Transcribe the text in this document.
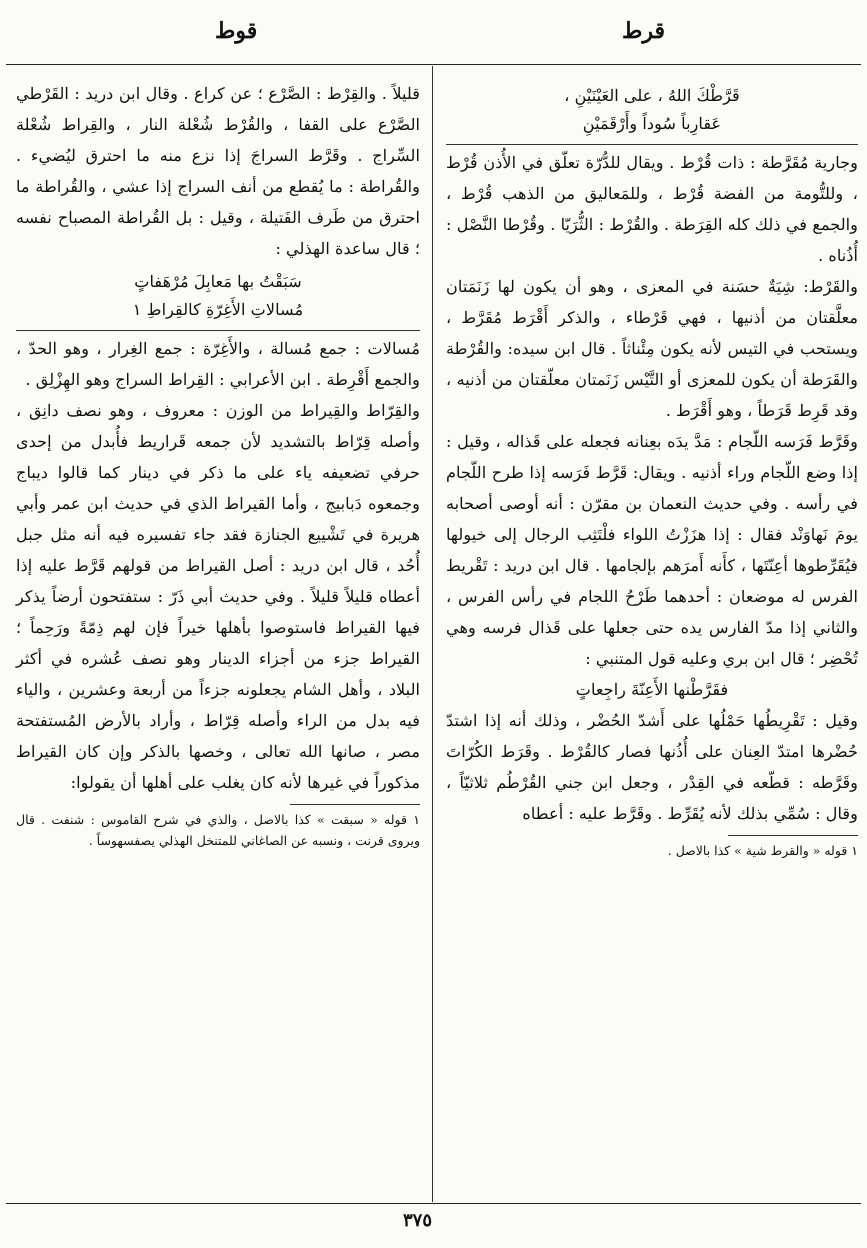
قوط	قرط
قَرَّطْكَ اللهُ ، على العَيْنَيْنِ ،
عَقارِباً سُوداً وأَرْقَمَيْنِ

وجارية مُقَرَّطة : ذات قُرْط . ويقال للدُّرّة تعلّق في الأُذن قُرْط ، وللتُّومة من الفضة قُرْط ، وللمَعاليق من الذهب قُرْط ، والجمع في ذلك كله القِرَطة . والقُرْط : الثُّرَيّا . وقُرْطا النَّصْل : أُذُناه .

والقَرْط: شِيَةٌ حسَنة في المعزى ، وهو أن يكون لها زَنَمَتان معلَّقتان من أذنيها ، فهي قَرْطاء ، والذكر أَقْرَط مُقَرَّط ، ويستحب في التيس لأنه يكون مِئْناثاً . قال ابن سيده: والقُرْطة والقَرَطة أن يكون للمعزى أو التَّيْس زَنَمتان معلّقتان من أذنيه ، وقد قَرِط قَرَطاً ، وهو أَقْرَط .

وقَرَّط فَرَسه اللّجام : مَدَّ يدَه بعِنانه فجعله على قَذاله ، وقيل : إذا وضع اللّجام وراء أذنيه . ويقال: قَرَّط فَرَسه إذا طرح اللّجام في رأسه . وفي حديث النعمان بن مقرّن : أنه أوصى أصحابه يومَ نَهاوَنْد فقال : إذا هزَزْتُ اللواء فلْتَثِب الرجال إلى خيولها فيُقَرِّطوها أعِنّتَها ، كأَنه أَمرَهم بإلجامها . قال ابن دريد : تَقْريط الفرس له موضعان : أحدهما طَرْحُ اللجام في رأس الفرس ، والثاني إذا مدّ الفارس يده حتى جعلها على قَذال فرسه وهي تُحْضِر ؛ قال ابن بري وعليه قول المتنبي :

فقَرَّطْنها الأَعِنّةَ راجِعاتٍ

وقيل : تَقْرِيطُها حَمْلُها على أَشدّ الحُضْر ، وذلك أنه إذا اشتدّ حُضْرها امتدّ العِنان على أُذُنها فصار كالقُرْط . وقَرَط الكُرّاتَ وقَرَّطه : قطّعه في القِدْر ، وجعل ابن جني القُرْطُم ثلاثيّاً ، وقال : سُمِّي بذلك لأنه يُقَرِّط . وقَرَّط عليه : أعطاه

١ قوله « والقرط شية » كذا بالاصل .

قليلاً . والقِرْط : الصَّرْع ؛ عن كراع . وقال ابن دريد : القَرْطي الصَّرْع على القفا ، والقُرْط شُعْلة النار ، والقِراط شُعْلة السِّراج . وقَرَّط السراجَ إذا نزع منه ما احترق ليُضيء . والقُراطة : ما يُقطع من أنف السراج إذا عشي ، والقُراطة ما احترق من طَرف الفَتيلة ، وقيل : بل القُراطة المصباح نفسه ؛ قال ساعدة الهذلي :

سَبَقْتُ بها مَعابِلَ مُرْهَفاتٍ
مُسالاتِ الأَغِرّةِ كالقِراطِ ١

مُسالات : جمع مُسالة ، والأَغِرّة : جمع الغِرار ، وهو الحدّ ، والجمع أَقْرِطة . ابن الأعرابي : القِراط السراج وهو الهِزْلِق .

والقِرّاط والقِيراط من الوزن : معروف ، وهو نصف دانِق ، وأصله قِرّاط بالتشديد لأن جمعه قَراريط فأُبدل من إحدى حرفي تضعيفه ياء على ما ذكر في دينار كما قالوا ديباج وجمعوه دَبابيج ، وأما القيراط الذي في حديث ابن عمر وأبي هريرة في تَشْييع الجنازة فقد جاء تفسيره فيه أنه مثل جبل أُحُد ، قال ابن دريد : أصل القيراط من قولهم قَرَّط عليه إذا أعطاه قليلاً قليلاً . وفي حديث أبي ذَرّ : ستفتحون أرضاً يذكر فيها القيراط فاستوصوا بأهلها خيراً فإن لهم ذِمّةً ورَحِماً ؛ القيراط جزء من أجزاء الدينار وهو نصف عُشره في أكثر البلاد ، وأهل الشام يجعلونه جزءاً من أربعة وعشرين ، والياء فيه بدل من الراء وأصله قِرّاط ، وأراد بالأرض المُستفتحة مصر ، صانها الله تعالى ، وخصها بالذكر وإن كان القيراط مذكوراً في غيرها لأنه كان يغلب على أهلها أن يقولوا:

١ قوله « سبقت » كذا بالاصل ، والذي في شرح القاموس : شنفت . قال ويروى قرنت ، ونسبه عن الصاغاني للمتنخل الهذلي يصفسهوساً .

٣٧٥
